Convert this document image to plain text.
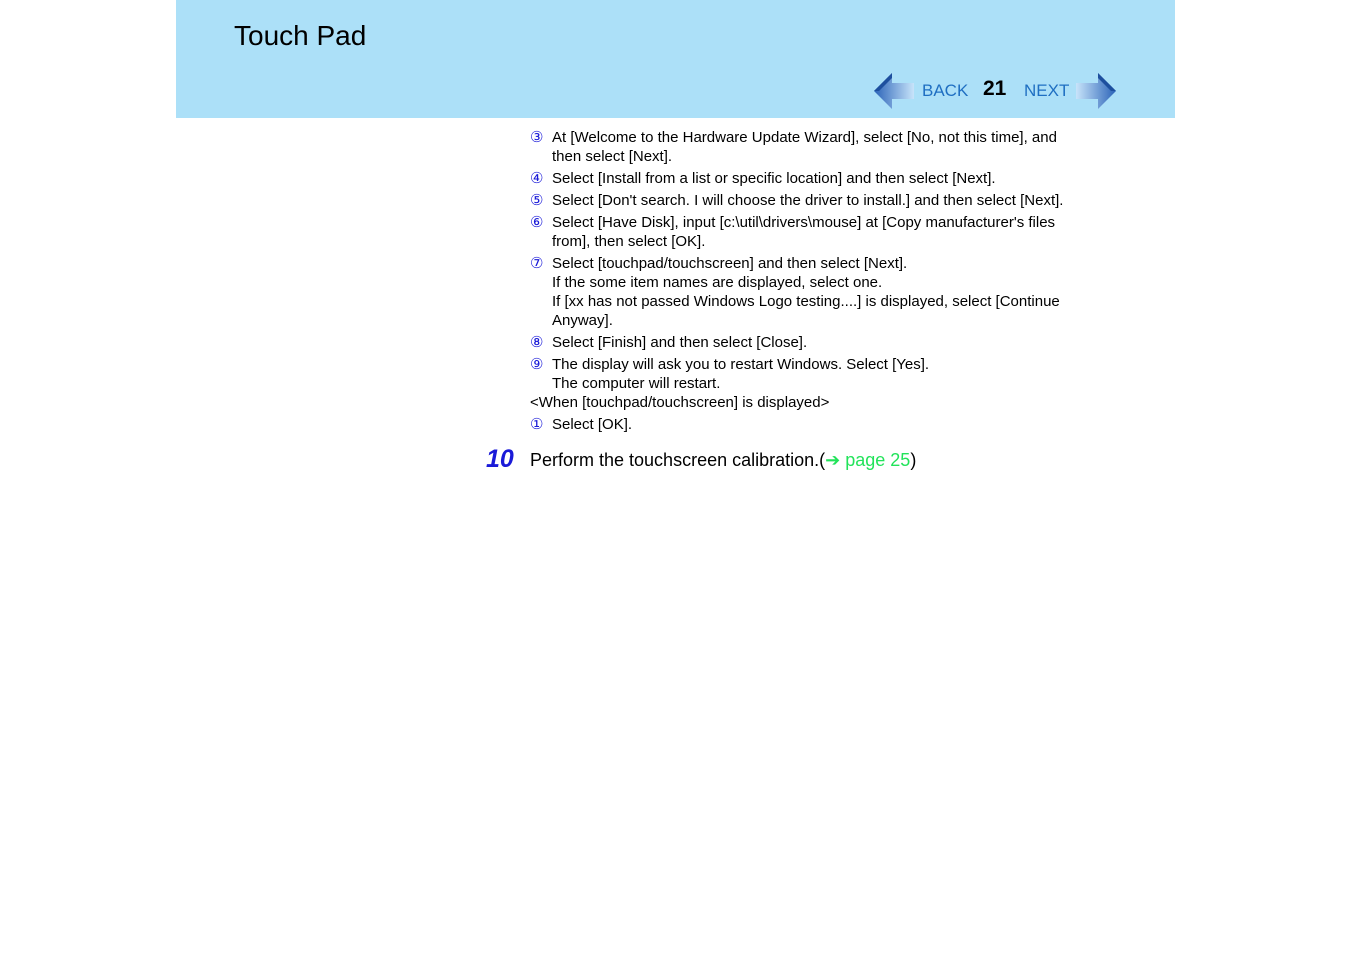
Touch Pad
BACK 21 NEXT
③ At [Welcome to the Hardware Update Wizard], select [No, not this time], and
then select [Next].
④ Select [Install from a list or specific location] and then select [Next].
⑤ Select [Don't search. I will choose the driver to install.] and then select [Next].
⑥ Select [Have Disk], input [c:\util\drivers\mouse] at [Copy manufacturer's files
from], then select [OK].
⑦ Select [touchpad/touchscreen] and then select [Next].
If the some item names are displayed, select one.
If [xx has not passed Windows Logo testing....] is displayed, select [Continue
Anyway].
⑧ Select [Finish] and then select [Close].
⑨ The display will ask you to restart Windows. Select [Yes].
The computer will restart.
<When [touchpad/touchscreen] is displayed>
① Select [OK].
10 Perform the touchscreen calibration.(➔ page 25)
